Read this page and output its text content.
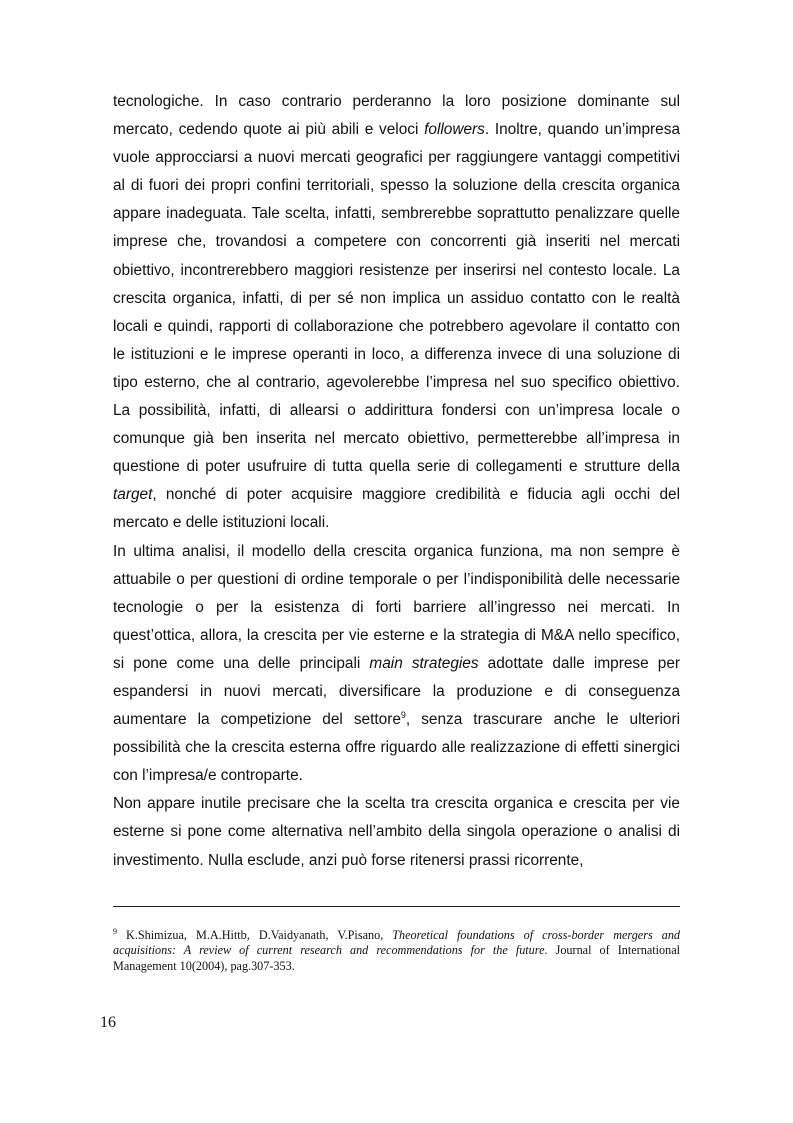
tecnologiche. In caso contrario perderanno la loro posizione dominante sul mercato, cedendo quote ai più abili e veloci followers. Inoltre, quando un’impresa vuole approcciarsi a nuovi mercati geografici per raggiungere vantaggi competitivi al di fuori dei propri confini territoriali, spesso la soluzione della crescita organica appare inadeguata. Tale scelta, infatti, sembrerebbe soprattutto penalizzare quelle imprese che, trovandosi a competere con concorrenti già inseriti nel mercati obiettivo, incontrerebbero maggiori resistenze per inserirsi nel contesto locale. La crescita organica, infatti, di per sé non implica un assiduo contatto con le realtà locali e quindi, rapporti di collaborazione che potrebbero agevolare il contatto con le istituzioni e le imprese operanti in loco, a differenza invece di una soluzione di tipo esterno, che al contrario, agevolerebbe l’impresa nel suo specifico obiettivo. La possibilità, infatti, di allearsi o addirittura fondersi con un’impresa locale o comunque già ben inserita nel mercato obiettivo, permetterebbe all’impresa in questione di poter usufruire di tutta quella serie di collegamenti e strutture della target, nonché di poter acquisire maggiore credibilità e fiducia agli occhi del mercato e delle istituzioni locali.

In ultima analisi, il modello della crescita organica funziona, ma non sempre è attuabile o per questioni di ordine temporale o per l’indisponibilità delle necessarie tecnologie o per la esistenza di forti barriere all’ingresso nei mercati. In quest’ottica, allora, la crescita per vie esterne e la strategia di M&A nello specifico, si pone come una delle principali main strategies adottate dalle imprese per espandersi in nuovi mercati, diversificare la produzione e di conseguenza aumentare la competizione del settore$^9$, senza trascurare anche le ulteriori possibilità che la crescita esterna offre riguardo alle realizzazione di effetti sinergici con l’impresa/e controparte.

Non appare inutile precisare che la scelta tra crescita organica e crescita per vie esterne si pone come alternativa nell’ambito della singola operazione o analisi di investimento. Nulla esclude, anzi può forse ritenersi prassi ricorrente,

$^9$ K.Shimizua, M.A.Hittb, D.Vaidyanath, V.Pisano, Theoretical foundations of cross-border mergers and acquisitions: A review of current research and recommendations for the future. Journal of International Management 10(2004), pag.307-353.

16
